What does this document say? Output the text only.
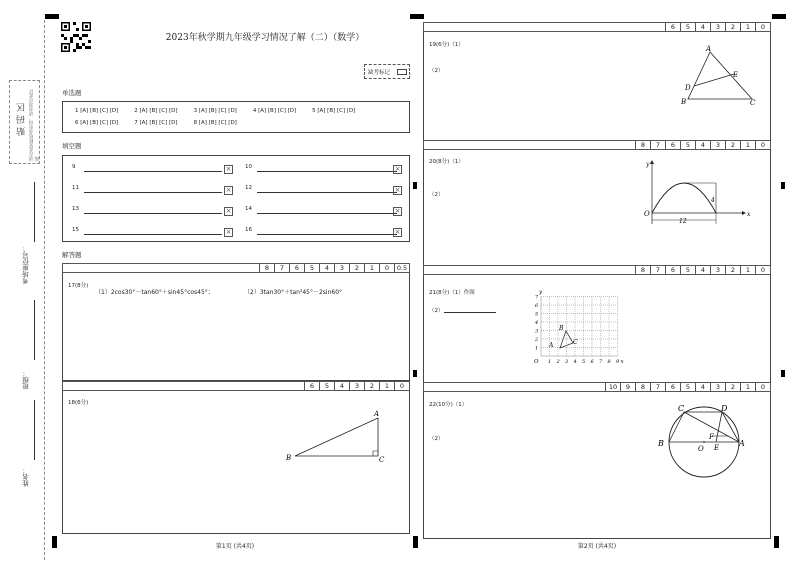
贴 码 区 请在此处粘贴条形码，请勿超出此区域
考场座位号：
班级：
姓名：
2023年秋学期九年级学习情况了解（二）（数学）
缺考标记
单选题
1 [A] [B] [C] [D]	2 [A] [B] [C] [D]	3 [A] [B] [C] [D]	4 [A] [B] [C] [D]	5 [A] [B] [C] [D]
6 [A] [B] [C] [D]	7 [A] [B] [C] [D]	8 [A] [B] [C] [D]
填空题
9	× 10	×
11	× 12	×
13	× 14	×
15	× 16	×
解答题
8	7	6	5	4	3	2	1	0	0.5
17(8分)
（1）2cos30°－tan60°＋sin45°cos45°；	（2）3tan30°＋tan²45°－2sin60°
6	5	4	3	2	1	0
18(6分)
A
B	C
第1页 (共4页)
6	5	4	3	2	1	0
19(6分)（1）
（2）
A
B	C
D
E
8	7	6	5	4	3	2	1	0
20(8分)（1）
（2）
y
x
O
4
12
8	7	6	5	4	3	2	1	0
21(8分)（1）作图
（2）
1 2 3 4 5 6 7 8 9
7
6
5
4
3
2
1
O	x
y
A
B
C
10	9	8	7	6	5	4	3	2	1	0
22(10分)（1）
（2）
C	D
B	A
F
O E
第2页 (共4页)
